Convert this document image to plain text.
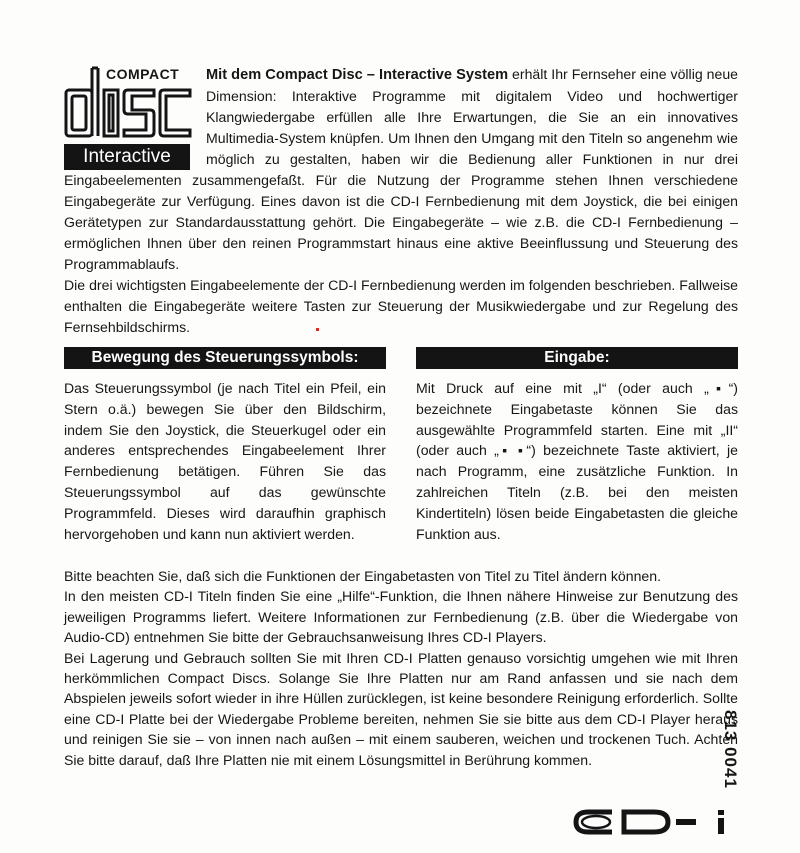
COMPACT
Interactive

Mit dem Compact Disc – Interactive System erhält Ihr Fernseher eine völlig neue Dimension: Interaktive Programme mit digitalem Video und hochwertiger Klangwiedergabe erfüllen alle Ihre Erwartungen, die Sie an ein innovatives Multimedia-System knüpfen. Um Ihnen den Umgang mit den Titeln so angenehm wie möglich zu gestalten, haben wir die Bedienung aller Funktionen in nur drei Eingabeelementen zusammengefaßt. Für die Nutzung der Programme stehen Ihnen verschiedene Eingabegeräte zur Verfügung. Eines davon ist die CD-I Fernbedienung mit dem Joystick, die bei einigen Gerätetypen zur Standardausstattung gehört. Die Eingabegeräte – wie z.B. die CD-I Fernbedienung – ermöglichen Ihnen über den reinen Programmstart hinaus eine aktive Beeinflussung und Steuerung des Programmablaufs.

Die drei wichtigsten Eingabeelemente der CD-I Fernbedienung werden im folgenden beschrieben. Fallweise enthalten die Eingabegeräte weitere Tasten zur Steuerung der Musikwiedergabe und zur Regelung des Fernsehbildschirms.

Bewegung des Steuerungssymbols:	Eingabe:
Das Steuerungssymbol (je nach Titel ein Pfeil, ein Stern o.ä.) bewegen Sie über den Bildschirm, indem Sie den Joystick, die Steuerkugel oder ein anderes entsprechendes Eingabeelement Ihrer Fernbedienung betätigen. Führen Sie das Steuerungssymbol auf das gewünschte Programmfeld. Dieses wird daraufhin graphisch hervorgehoben und kann nun aktiviert werden.
Mit Druck auf eine mit „I“ (oder auch „▪“) bezeichnete Eingabetaste können Sie das ausgewählte Programmfeld starten. Eine mit „II“ (oder auch „▪ ▪“) bezeichnete Taste aktiviert, je nach Programm, eine zusätzliche Funktion. In zahlreichen Titeln (z.B. bei den meisten Kindertiteln) lösen beide Eingabetasten die gleiche Funktion aus.

Bitte beachten Sie, daß sich die Funktionen der Eingabetasten von Titel zu Titel ändern können.

In den meisten CD-I Titeln finden Sie eine „Hilfe“-Funktion, die Ihnen nähere Hinweise zur Benutzung des jeweiligen Programms liefert. Weitere Informationen zur Fernbedienung (z.B. über die Wiedergabe von Audio-CD) entnehmen Sie bitte der Gebrauchsanweisung Ihres CD-I Players.

Bei Lagerung und Gebrauch sollten Sie mit Ihren CD-I Platten genauso vorsichtig umgehen wie mit Ihren herkömmlichen Compact Discs. Solange Sie Ihre Platten nur am Rand anfassen und sie nach dem Abspielen jeweils sofort wieder in ihre Hüllen zurücklegen, ist keine besondere Reinigung erforderlich. Sollte eine CD-I Platte bei der Wiedergabe Probleme bereiten, nehmen Sie sie bitte aus dem CD-I Player heraus und reinigen Sie sie – von innen nach außen – mit einem sauberen, weichen und trockenen Tuch. Achten Sie bitte darauf, daß Ihre Platten nie mit einem Lösungsmittel in Berührung kommen.	813 0041
